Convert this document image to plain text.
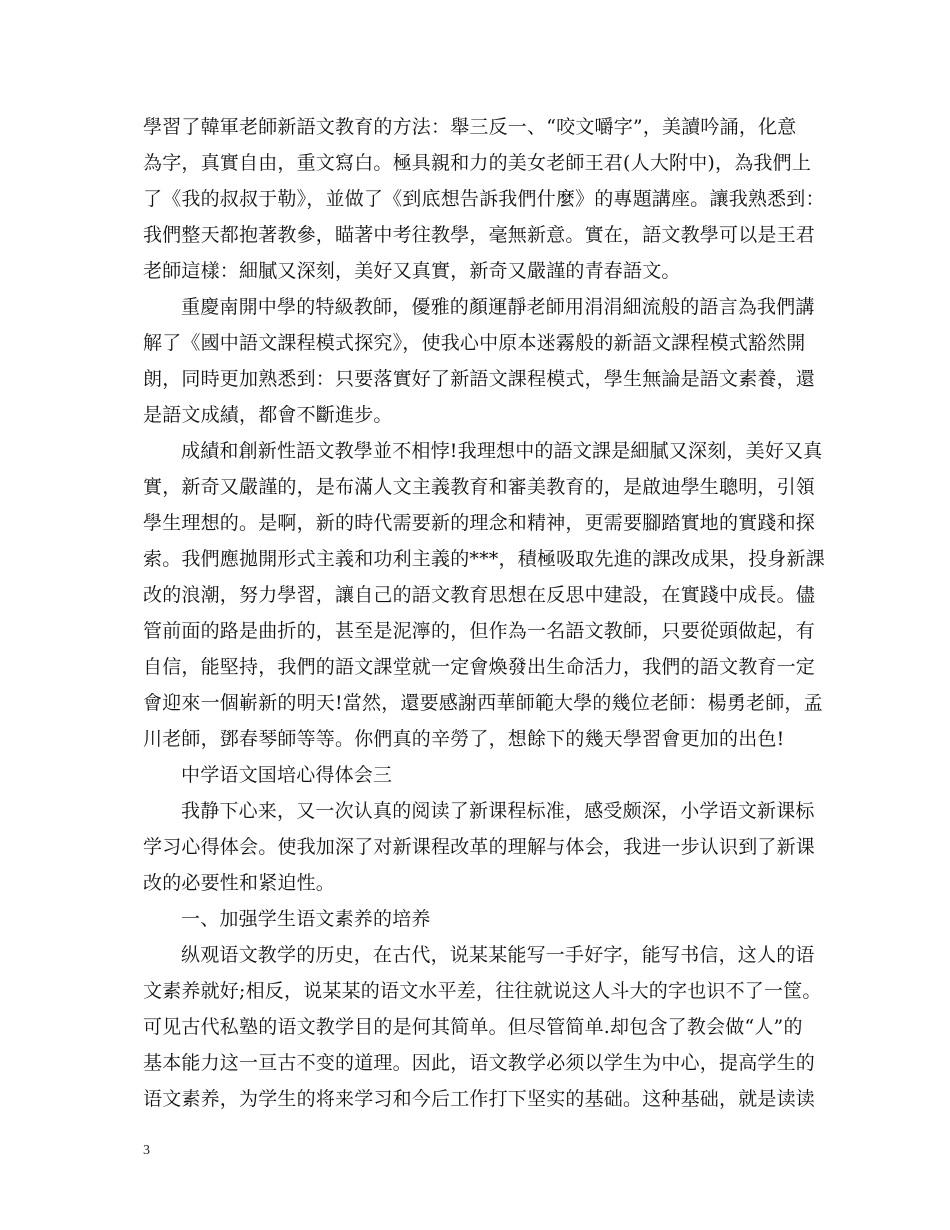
學習了韓軍老師新語文教育的方法：舉三反一、“咬文嚼字”，美讀吟誦，化意
為字，真實自由，重文寫白。極具親和力的美女老師王君(人大附中)，為我們上
了《我的叔叔于勒》，並做了《到底想告訴我們什麼》的專題講座。讓我熟悉到：
我們整天都抱著教參，瞄著中考往教學，毫無新意。實在，語文教學可以是王君
老師這樣：細膩又深刻，美好又真實，新奇又嚴謹的青春語文。
重慶南開中學的特級教師，優雅的顏運靜老師用涓涓細流般的語言為我們講
解了《國中語文課程模式探究》，使我心中原本迷霧般的新語文課程模式豁然開
朗，同時更加熟悉到：只要落實好了新語文課程模式，學生無論是語文素養，還
是語文成績，都會不斷進步。
成績和創新性語文教學並不相悖!我理想中的語文課是細膩又深刻，美好又真
實，新奇又嚴謹的，是布滿人文主義教育和審美教育的，是啟迪學生聰明，引領
學生理想的。是啊，新的時代需要新的理念和精神，更需要腳踏實地的實踐和探
索。我們應拋開形式主義和功利主義的***，積極吸取先進的課改成果，投身新課
改的浪潮，努力學習，讓自己的語文教育思想在反思中建設，在實踐中成長。儘
管前面的路是曲折的，甚至是泥濘的，但作為一名語文教師，只要從頭做起，有
自信，能堅持，我們的語文課堂就一定會煥發出生命活力，我們的語文教育一定
會迎來一個嶄新的明天!當然，還要感謝西華師範大學的幾位老師：楊勇老師，孟
川老師，鄧春琴師等等。你們真的辛勞了，想餘下的幾天學習會更加的出色!
中学语文国培心得体会三
我静下心来，又一次认真的阅读了新课程标准，感受颇深，小学语文新课标
学习心得体会。使我加深了对新课程改革的理解与体会，我进一步认识到了新课
改的必要性和紧迫性。
一、加强学生语文素养的培养
纵观语文教学的历史，在古代，说某某能写一手好字，能写书信，这人的语
文素养就好;相反，说某某的语文水平差，往往就说这人斗大的字也识不了一筐。
可见古代私塾的语文教学目的是何其简单。但尽管简单.却包含了教会做“人”的
基本能力这一亘古不变的道理。因此，语文教学必须以学生为中心，提高学生的
语文素养，为学生的将来学习和今后工作打下坚实的基础。这种基础，就是读读
3
